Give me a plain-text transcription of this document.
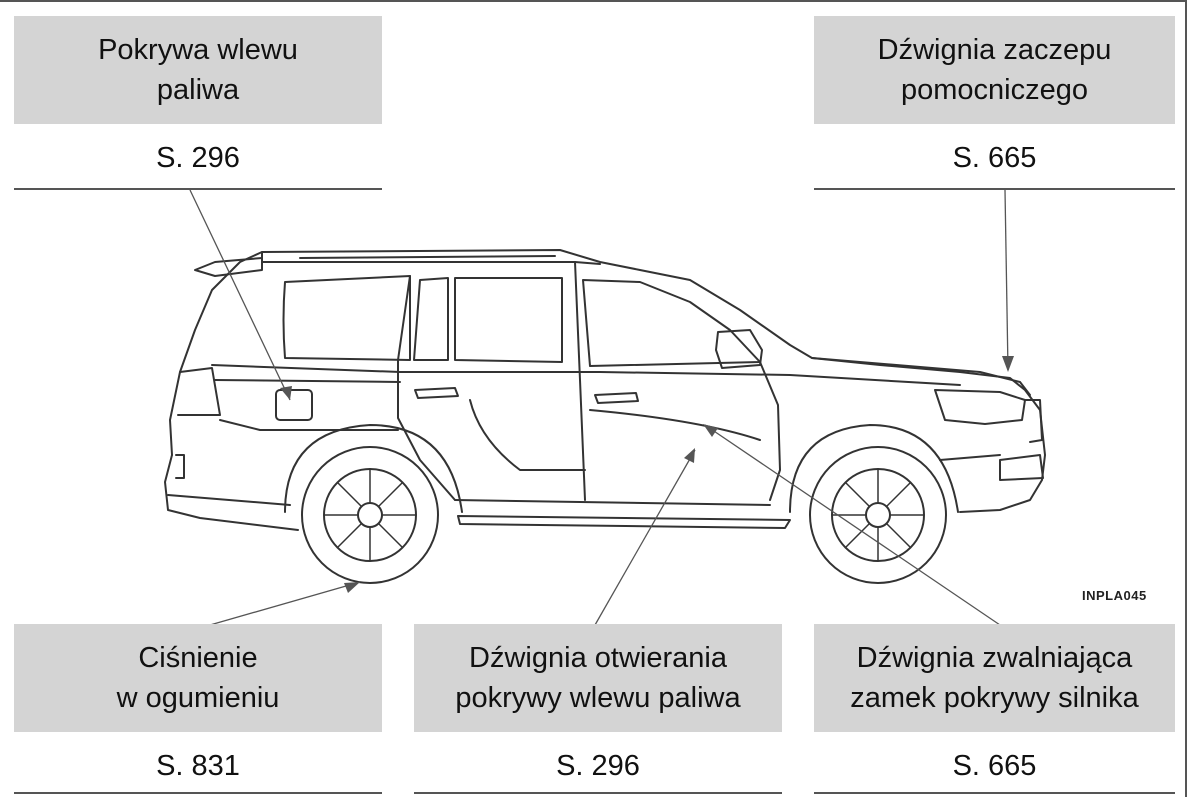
Pokrywa wlewu
paliwa
S. 296
Dźwignia zaczepu
pomocniczego
S. 665
INPLA045
Ciśnienie
w ogumieniu
S. 831
Dźwignia otwierania
pokrywy wlewu paliwa
S. 296
Dźwignia zwalniająca
zamek pokrywy silnika
S. 665
